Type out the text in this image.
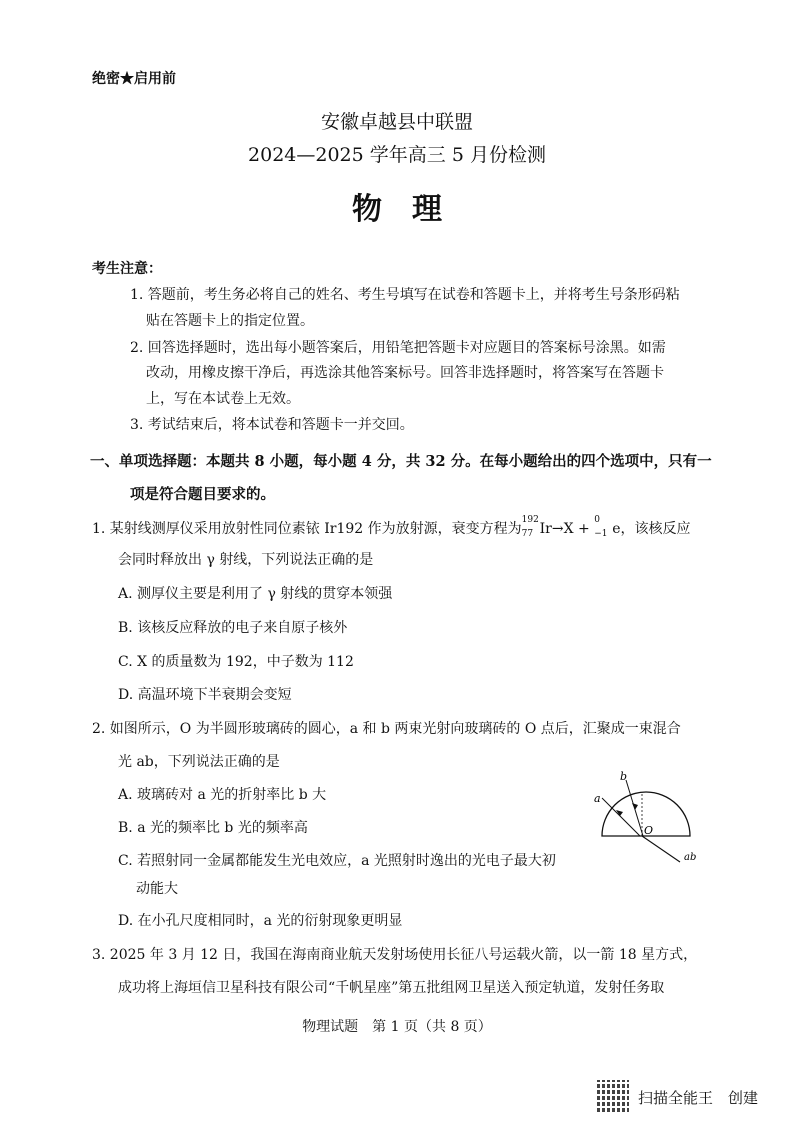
绝密★启用前
安徽卓越县中联盟
2024—2025 学年高三 5 月份检测
物　理
考生注意：
1. 答题前，考生务必将自己的姓名、考生号填写在试卷和答题卡上，并将考生号条形码粘
贴在答题卡上的指定位置。
2. 回答选择题时，选出每小题答案后，用铅笔把答题卡对应题目的答案标号涂黑。如需
改动，用橡皮擦干净后，再选涂其他答案标号。回答非选择题时，将答案写在答题卡
上，写在本试卷上无效。
3. 考试结束后，将本试卷和答题卡一并交回。
一、单项选择题：本题共 8 小题，每小题 4 分，共 32 分。在每小题给出的四个选项中，只有一
项是符合题目要求的。
1. 某射线测厚仪采用放射性同位素铱 Ir192 作为放射源，衰变方程为
192
77 Ir→X +
0
−1 e，该核反应
会同时释放出 γ 射线，下列说法正确的是
A. 测厚仪主要是利用了 γ 射线的贯穿本领强
B. 该核反应释放的电子来自原子核外
C. X 的质量数为 192，中子数为 112
D. 高温环境下半衰期会变短
2. 如图所示，O 为半圆形玻璃砖的圆心，a 和 b 两束光射向玻璃砖的 O 点后，汇聚成一束混合
光 ab，下列说法正确的是
A. 玻璃砖对 a 光的折射率比 b 大
B. a 光的频率比 b 光的频率高
C. 若照射同一金属都能发生光电效应，a 光照射时逸出的光电子最大初
动能大
D. 在小孔尺度相同时，a 光的衍射现象更明显
a
b
O
ab
3. 2025 年 3 月 12 日，我国在海南商业航天发射场使用长征八号运载火箭，以一箭 18 星方式，
成功将上海垣信卫星科技有限公司“千帆星座”第五批组网卫星送入预定轨道，发射任务取
物理试题　第 1 页（共 8 页）
扫描全能王　创建
